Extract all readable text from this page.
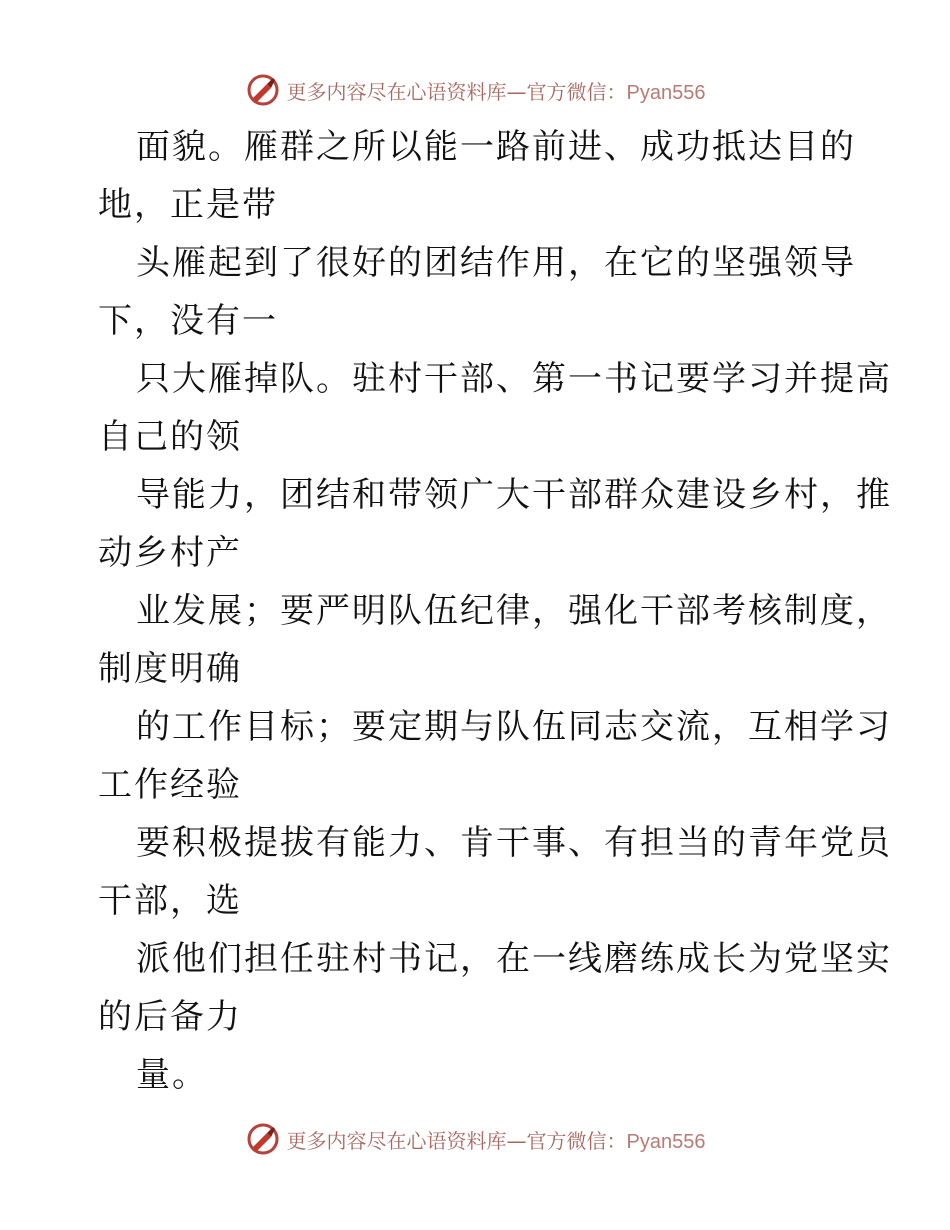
更多内容尽在心语资料库—官方微信：Pyan556
面貌。雁群之所以能一路前进、成功抵达目的
地，正是带
头雁起到了很好的团结作用，在它的坚强领导
下，没有一
只大雁掉队。驻村干部、第一书记要学习并提高
自己的领
导能力，团结和带领广大干部群众建设乡村，推
动乡村产
业发展；要严明队伍纪律，强化干部考核制度，
制度明确
的工作目标；要定期与队伍同志交流，互相学习
工作经验
要积极提拔有能力、肯干事、有担当的青年党员
干部，选
派他们担任驻村书记，在一线磨练成长为党坚实
的后备力
量。
更多内容尽在心语资料库—官方微信：Pyan556
